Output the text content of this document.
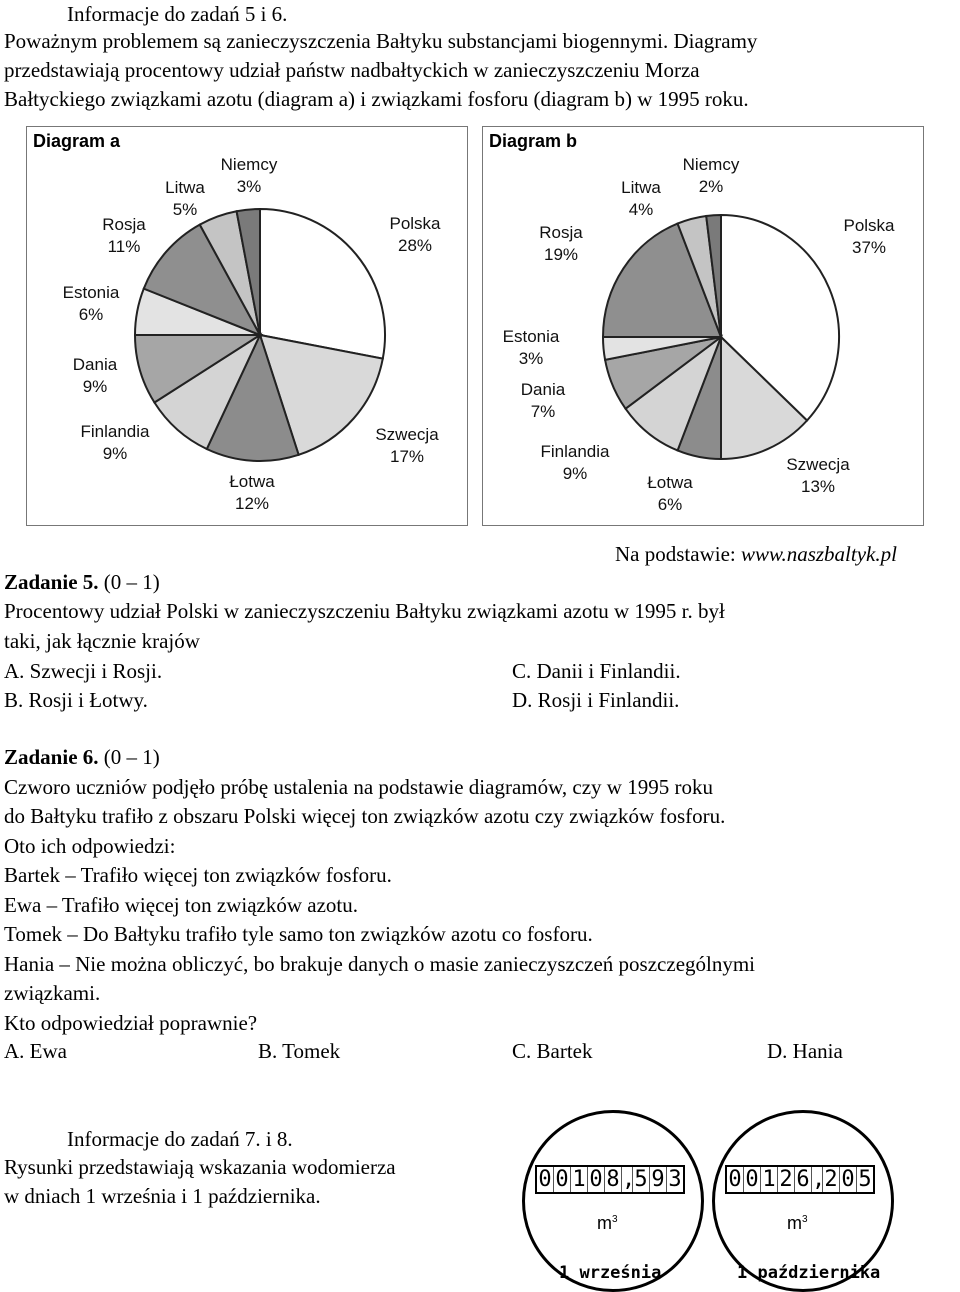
Informacje do zadań 5 i 6.
Poważnym problemem są zanieczyszczenia Bałtyku substancjami biogennymi. Diagramy
przedstawiają procentowy udział państw nadbałtyckich w zanieczyszczeniu Morza
Bałtyckiego związkami azotu (diagram a) i związkami fosforu (diagram b) w 1995 roku.
Diagram a
Polska
28%
Szwecja
17%
Łotwa
12%
Finlandia
9%
Dania
9%
Estonia
6%
Rosja
11%
Litwa
5%
Niemcy
3%
Diagram b
Polska
37%
Szwecja
13%
Łotwa
6%
Finlandia
9%
Dania
7%
Estonia
3%
Rosja
19%
Litwa
4%
Niemcy
2%
Na podstawie: www.naszbaltyk.pl
Zadanie 5. (0 – 1)
Procentowy udział Polski w zanieczyszczeniu Bałtyku związkami azotu w 1995 r. był
taki, jak łącznie krajów
A. Szwecji i Rosji.
B. Rosji i Łotwy.
C. Danii i Finlandii.
D. Rosji i Finlandii.
Zadanie 6. (0 – 1)
Czworo uczniów podjęło próbę ustalenia na podstawie diagramów, czy w 1995 roku
do Bałtyku trafiło z obszaru Polski więcej ton związków azotu czy związków fosforu.
Oto ich odpowiedzi:
Bartek – Trafiło więcej ton związków fosforu.
Ewa – Trafiło więcej ton związków azotu.
Tomek – Do Bałtyku trafiło tyle samo ton związków azotu co fosforu.
Hania – Nie można obliczyć, bo brakuje danych o masie zanieczyszczeń poszczególnymi
związkami.
Kto odpowiedział poprawnie?
A. Ewa	B. Tomek	C. Bartek	D. Hania
Informacje do zadań 7. i 8.
Rysunki przedstawiają wskazania wodomierza
w dniach 1 września i 1 października.
0 0 1 0 8 , 5 9 3
$m^3$
1 września
0 0 1 2 6 , 2 0 5
$m^3$
1 października
